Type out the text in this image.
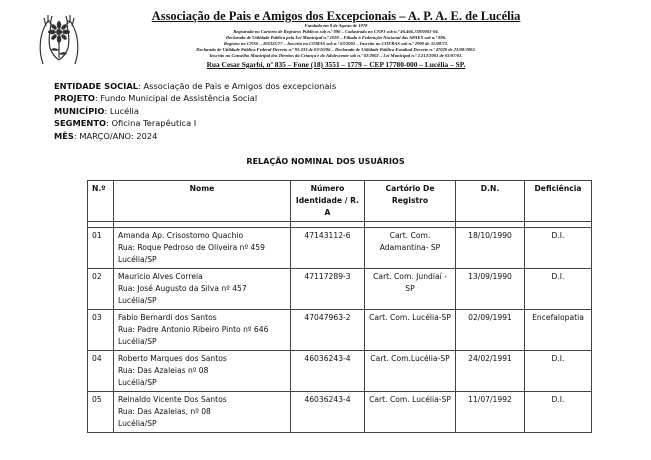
Associação de Pais e Amigos dos Excepcionais – A. P. A. E. de Lucélia
Fundada em 8 de Agosto de 1978
Registrada no Cartório de Registros Públicos sob n.º 096 – Cadastrada no CNPJ sob n.º 46.466.738/0001-04.
Declarada de Utilidade Pública pela Lei Municipal n.º 1020 – Filiada à Federação Nacional das APAES sob n.º 886.
Registro no CNSS – 203325/77 – Inscrito no COMAS sob n.º 03/2002 – Inscrito no COFRAS sob n.º 2900 de 31/08/73.
Declarada de Utilidade Pública Federal Decreto n.º 92.333 de 03/10/86 – Declarada de Utilidade Pública Estadual Decreto n.º 47020 de 23/08/2002.
Inscrito no Conselho Municipal dos Direitos da Criança e do Adolescente sob n.º 02/2002 – Lei Municipal n.º 2.212/2001 de 03/07/01.
Rua Cesar Sgarbi, nº 835 – Fone (18) 3551 – 1779 – CEP 17780-000 – Lucélia – SP.
ENTIDADE SOCIAL: Associação de Pais e Amigos dos excepcionais
PROJETO: Fundo Municipal de Assistência Social
MUNICÍPIO: Lucélia
SEGMENTO: Oficina Terapêutica I
MÊS: MARÇO/ANO: 2024
RELAÇÃO NOMINAL DOS USUÁRIOS
N.º	Nome	Número Identidade / R. A	Cartório De Registro	D.N.	Deficiência

01	Amanda Ap. Crisostomo Quachio
Rua: Roque Pedroso de Oliveira nº 459
Lucélia/SP	47143112-6	Cart. Com. Adamantina- SP	18/10/1990	D.I.
02	Mauricio Alves Correia
Rua: José Augusto da Silva nº 457
Lucélia/SP	47117289-3	Cart. Com. Jundiaí -SP	13/09/1990	D.I.
03	Fabio Bernardi dos Santos
Rua: Padre Antonio Ribeiro Pinto nº 646
Lucélia/SP	47047963-2	Cart. Com. Lucélia-SP	02/09/1991	Encefalopatia
04	Roberto Marques dos Santos
Rua: Das Azaleias nº 08
Lucélia/SP	46036243-4	Cart. Com.Lucélia-SP	24/02/1991	D.I.
05	Reinaldo Vicente Dos Santos
Rua: Das Azaleias, nº 08
Lucélia/SP	46036243-4	Cart. Com. Lucélia-SP	11/07/1992	D.I.
